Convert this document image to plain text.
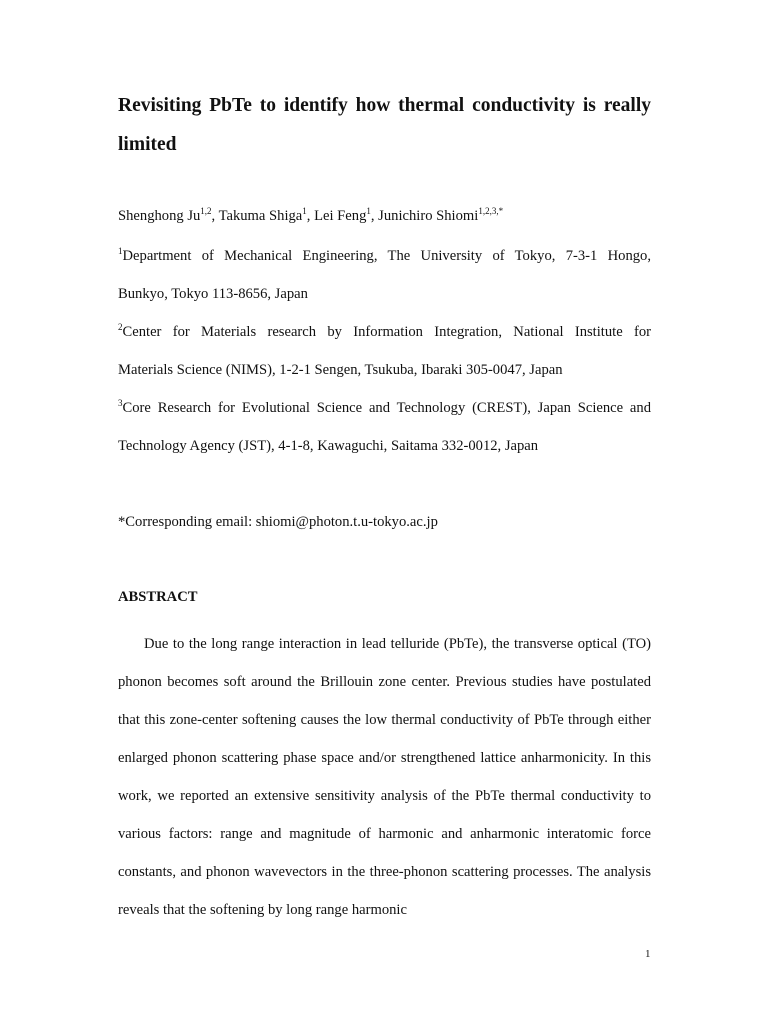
Revisiting PbTe to identify how thermal conductivity is really limited

Shenghong Ju$^{1,2}$, Takuma Shiga$^1$, Lei Feng$^1$, Junichiro Shiomi$^{1,2,3,*}$

$^1$Department of Mechanical Engineering, The University of Tokyo, 7-3-1 Hongo,

Bunkyo, Tokyo 113-8656, Japan

$^2$Center for Materials research by Information Integration, National Institute for

Materials Science (NIMS), 1-2-1 Sengen, Tsukuba, Ibaraki 305-0047, Japan

$^3$Core Research for Evolutional Science and Technology (CREST), Japan Science and

Technology Agency (JST), 4-1-8, Kawaguchi, Saitama 332-0012, Japan

*Corresponding email: shiomi@photon.t.u-tokyo.ac.jp

ABSTRACT

Due to the long range interaction in lead telluride (PbTe), the transverse optical (TO) phonon becomes soft around the Brillouin zone center. Previous studies have postulated that this zone-center softening causes the low thermal conductivity of PbTe through either enlarged phonon scattering phase space and/or strengthened lattice anharmonicity. In this work, we reported an extensive sensitivity analysis of the PbTe thermal conductivity to various factors: range and magnitude of harmonic and anharmonic interatomic force constants, and phonon wavevectors in the three-phonon scattering processes. The analysis reveals that the softening by long range harmonic

1
